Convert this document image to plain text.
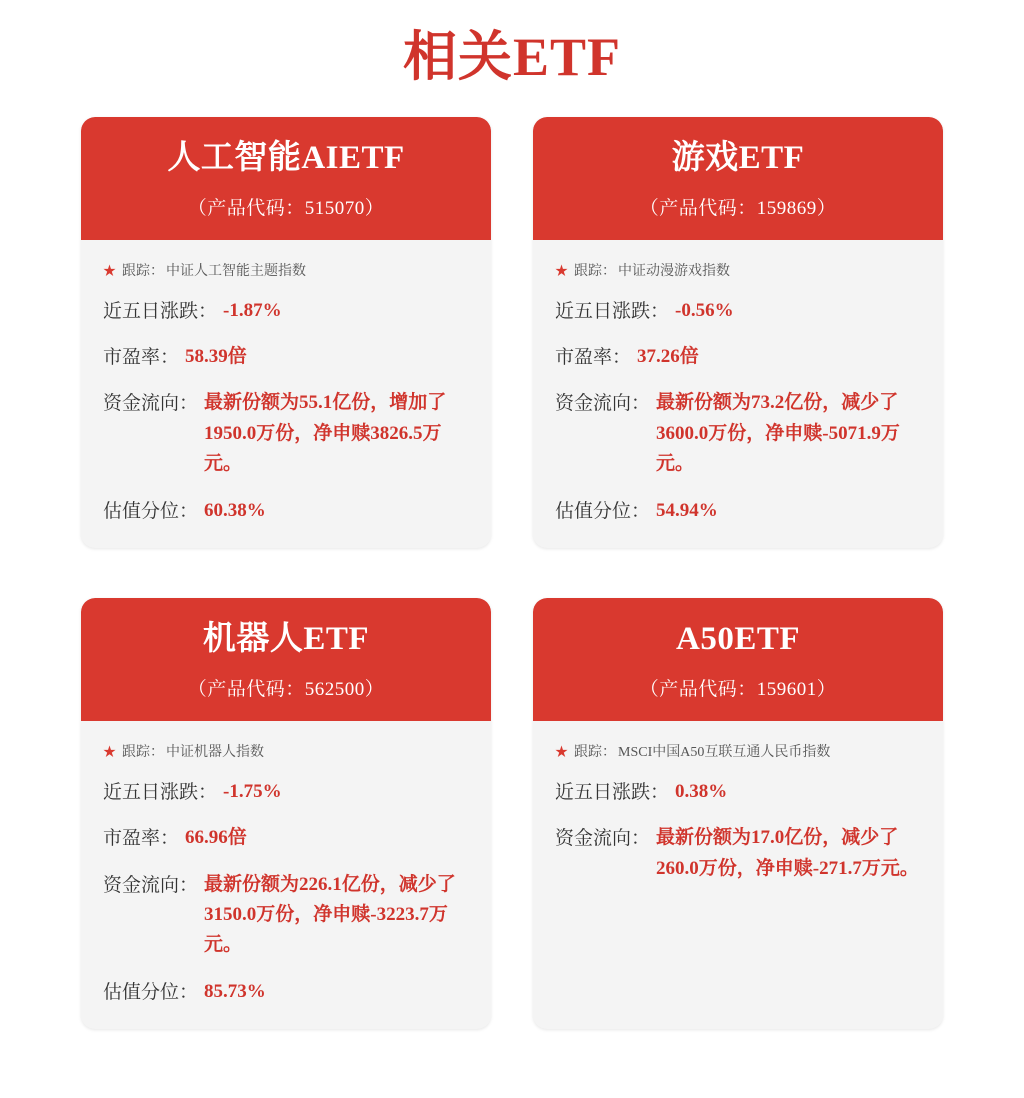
相关ETF
人工智能AIETF
（产品代码：515070）
★ 跟踪： 中证人工智能主题指数
近五日涨跌： -1.87%
市盈率： 58.39倍
资金流向： 最新份额为55.1亿份，增加了1950.0万份，净申赎3826.5万元。
估值分位： 60.38%
游戏ETF
（产品代码：159869）
★ 跟踪： 中证动漫游戏指数
近五日涨跌： -0.56%
市盈率： 37.26倍
资金流向： 最新份额为73.2亿份，减少了3600.0万份，净申赎-5071.9万元。
估值分位： 54.94%
机器人ETF
（产品代码：562500）
★ 跟踪： 中证机器人指数
近五日涨跌： -1.75%
市盈率： 66.96倍
资金流向： 最新份额为226.1亿份，减少了3150.0万份，净申赎-3223.7万元。
估值分位： 85.73%
A50ETF
（产品代码：159601）
★ 跟踪： MSCI中国A50互联互通人民币指数
近五日涨跌： 0.38%
资金流向： 最新份额为17.0亿份，减少了260.0万份，净申赎-271.7万元。
